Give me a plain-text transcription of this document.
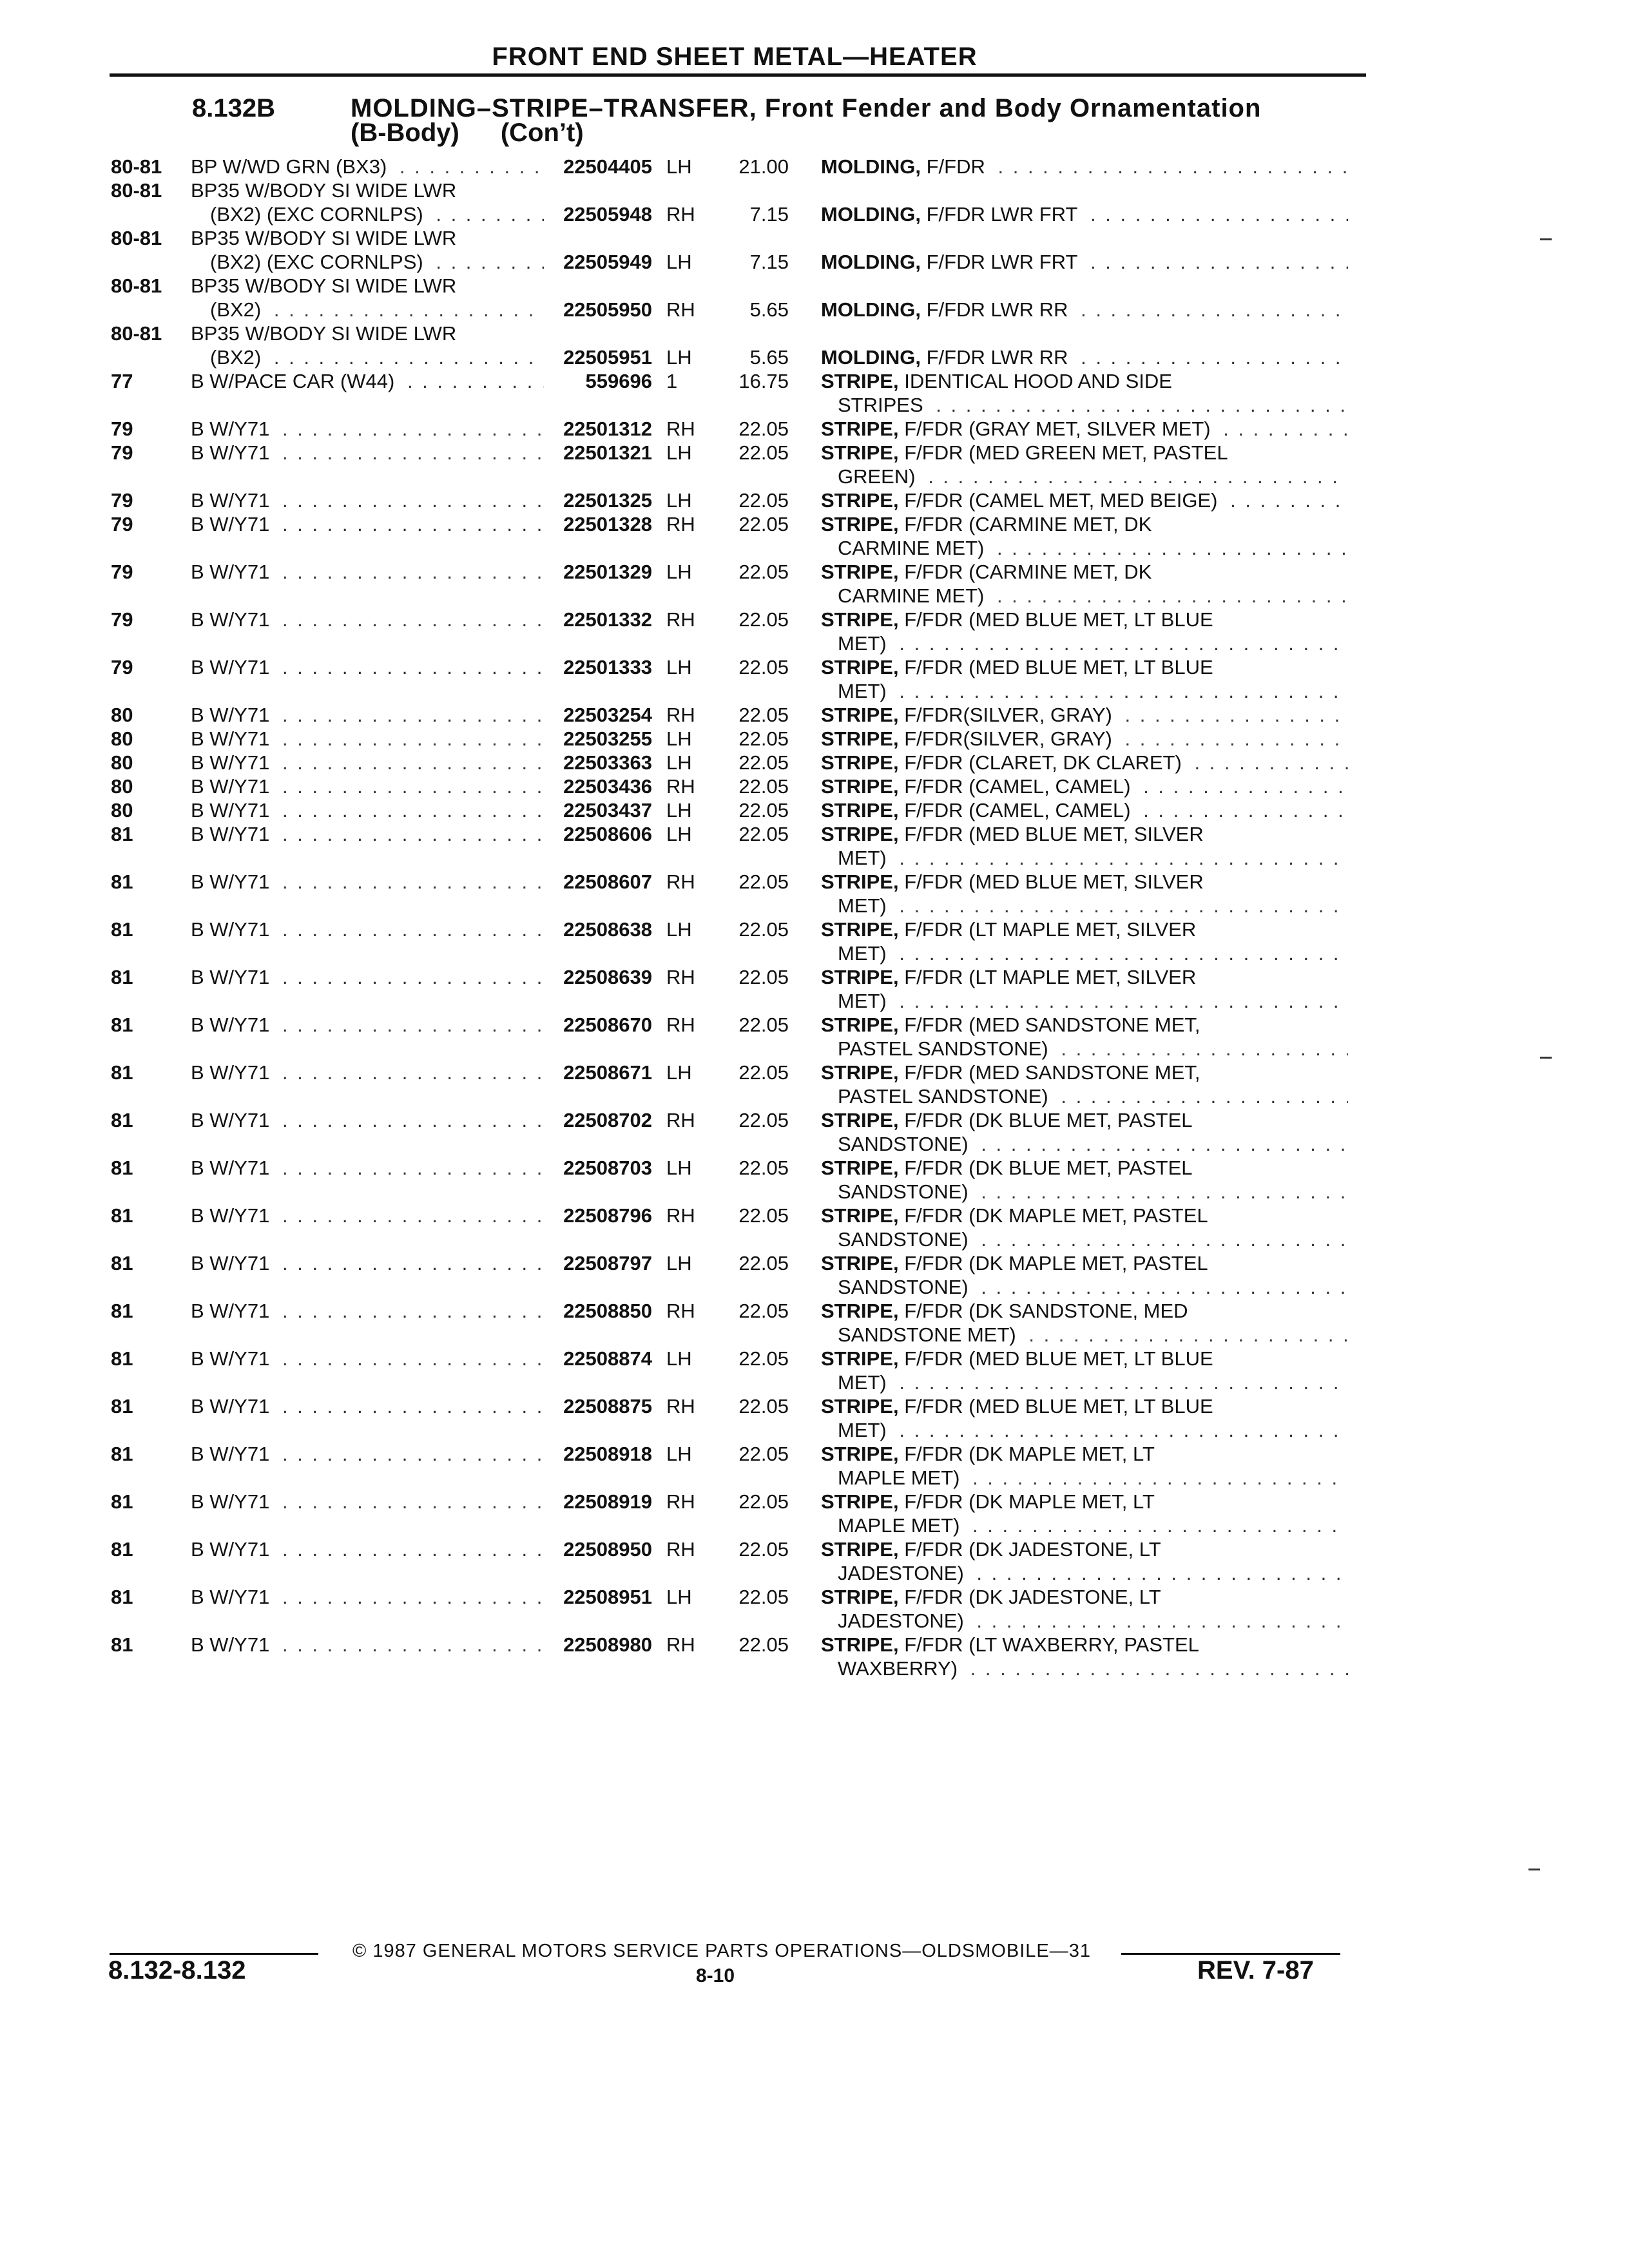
FRONT END SHEET METAL—HEATER
8.132B	MOLDING–STRIPE–TRANSFER, Front Fender and Body Ornamentation
(B-Body) (Con’t)
80-81	BP W/WD GRN (BX3) . . .	22504405	LH	21.00	MOLDING, F/FDR . . .

80-81	BP35 W/BODY SI WIDE LWR				

	(BX2) (EXC CORNLPS) . . .	22505948	RH	7.15	MOLDING, F/FDR LWR FRT . . .

80-81	BP35 W/BODY SI WIDE LWR				

	(BX2) (EXC CORNLPS) . . .	22505949	LH	7.15	MOLDING, F/FDR LWR FRT . . .

80-81	BP35 W/BODY SI WIDE LWR				

	(BX2) . . .	22505950	RH	5.65	MOLDING, F/FDR LWR RR . . .

80-81	BP35 W/BODY SI WIDE LWR				

	(BX2) . . .	22505951	LH	5.65	MOLDING, F/FDR LWR RR . . .

77	B W/PACE CAR (W44) . . .	559696	1	16.75	STRIPE, IDENTICAL HOOD AND SIDE

					STRIPES . . .

79	B W/Y71 . . .	22501312	RH	22.05	STRIPE, F/FDR (GRAY MET, SILVER MET) . . .

79	B W/Y71 . . .	22501321	LH	22.05	STRIPE, F/FDR (MED GREEN MET, PASTEL

					GREEN) . . .

79	B W/Y71 . . .	22501325	LH	22.05	STRIPE, F/FDR (CAMEL MET, MED BEIGE) . . .

79	B W/Y71 . . .	22501328	RH	22.05	STRIPE, F/FDR (CARMINE MET, DK

					CARMINE MET) . . .

79	B W/Y71 . . .	22501329	LH	22.05	STRIPE, F/FDR (CARMINE MET, DK

					CARMINE MET) . . .

79	B W/Y71 . . .	22501332	RH	22.05	STRIPE, F/FDR (MED BLUE MET, LT BLUE

					MET) . . .

79	B W/Y71 . . .	22501333	LH	22.05	STRIPE, F/FDR (MED BLUE MET, LT BLUE

					MET) . . .

80	B W/Y71 . . .	22503254	RH	22.05	STRIPE, F/FDR(SILVER, GRAY) . . .

80	B W/Y71 . . .	22503255	LH	22.05	STRIPE, F/FDR(SILVER, GRAY) . . .

80	B W/Y71 . . .	22503363	LH	22.05	STRIPE, F/FDR (CLARET, DK CLARET) . . .

80	B W/Y71 . . .	22503436	RH	22.05	STRIPE, F/FDR (CAMEL, CAMEL) . . .

80	B W/Y71 . . .	22503437	LH	22.05	STRIPE, F/FDR (CAMEL, CAMEL) . . .

81	B W/Y71 . . .	22508606	LH	22.05	STRIPE, F/FDR (MED BLUE MET, SILVER

					MET) . . .

81	B W/Y71 . . .	22508607	RH	22.05	STRIPE, F/FDR (MED BLUE MET, SILVER

					MET) . . .

81	B W/Y71 . . .	22508638	LH	22.05	STRIPE, F/FDR (LT MAPLE MET, SILVER

					MET) . . .

81	B W/Y71 . . .	22508639	RH	22.05	STRIPE, F/FDR (LT MAPLE MET, SILVER

					MET) . . .

81	B W/Y71 . . .	22508670	RH	22.05	STRIPE, F/FDR (MED SANDSTONE MET,

					PASTEL SANDSTONE) . . .

81	B W/Y71 . . .	22508671	LH	22.05	STRIPE, F/FDR (MED SANDSTONE MET,

					PASTEL SANDSTONE) . . .

81	B W/Y71 . . .	22508702	RH	22.05	STRIPE, F/FDR (DK BLUE MET, PASTEL

					SANDSTONE) . . .

81	B W/Y71 . . .	22508703	LH	22.05	STRIPE, F/FDR (DK BLUE MET, PASTEL

					SANDSTONE) . . .

81	B W/Y71 . . .	22508796	RH	22.05	STRIPE, F/FDR (DK MAPLE MET, PASTEL

					SANDSTONE) . . .

81	B W/Y71 . . .	22508797	LH	22.05	STRIPE, F/FDR (DK MAPLE MET, PASTEL

					SANDSTONE) . . .

81	B W/Y71 . . .	22508850	RH	22.05	STRIPE, F/FDR (DK SANDSTONE, MED

					SANDSTONE MET) . . .

81	B W/Y71 . . .	22508874	LH	22.05	STRIPE, F/FDR (MED BLUE MET, LT BLUE

					MET) . . .

81	B W/Y71 . . .	22508875	RH	22.05	STRIPE, F/FDR (MED BLUE MET, LT BLUE

					MET) . . .

81	B W/Y71 . . .	22508918	LH	22.05	STRIPE, F/FDR (DK MAPLE MET, LT

					MAPLE MET) . . .

81	B W/Y71 . . .	22508919	RH	22.05	STRIPE, F/FDR (DK MAPLE MET, LT

					MAPLE MET) . . .

81	B W/Y71 . . .	22508950	RH	22.05	STRIPE, F/FDR (DK JADESTONE, LT

					JADESTONE) . . .

81	B W/Y71 . . .	22508951	LH	22.05	STRIPE, F/FDR (DK JADESTONE, LT

					JADESTONE) . . .

81	B W/Y71 . . .	22508980	RH	22.05	STRIPE, F/FDR (LT WAXBERRY, PASTEL

					WAXBERRY) . . .
© 1987 GENERAL MOTORS SERVICE PARTS OPERATIONS—OLDSMOBILE—31
8.132-8.132	8-10	REV. 7-87
